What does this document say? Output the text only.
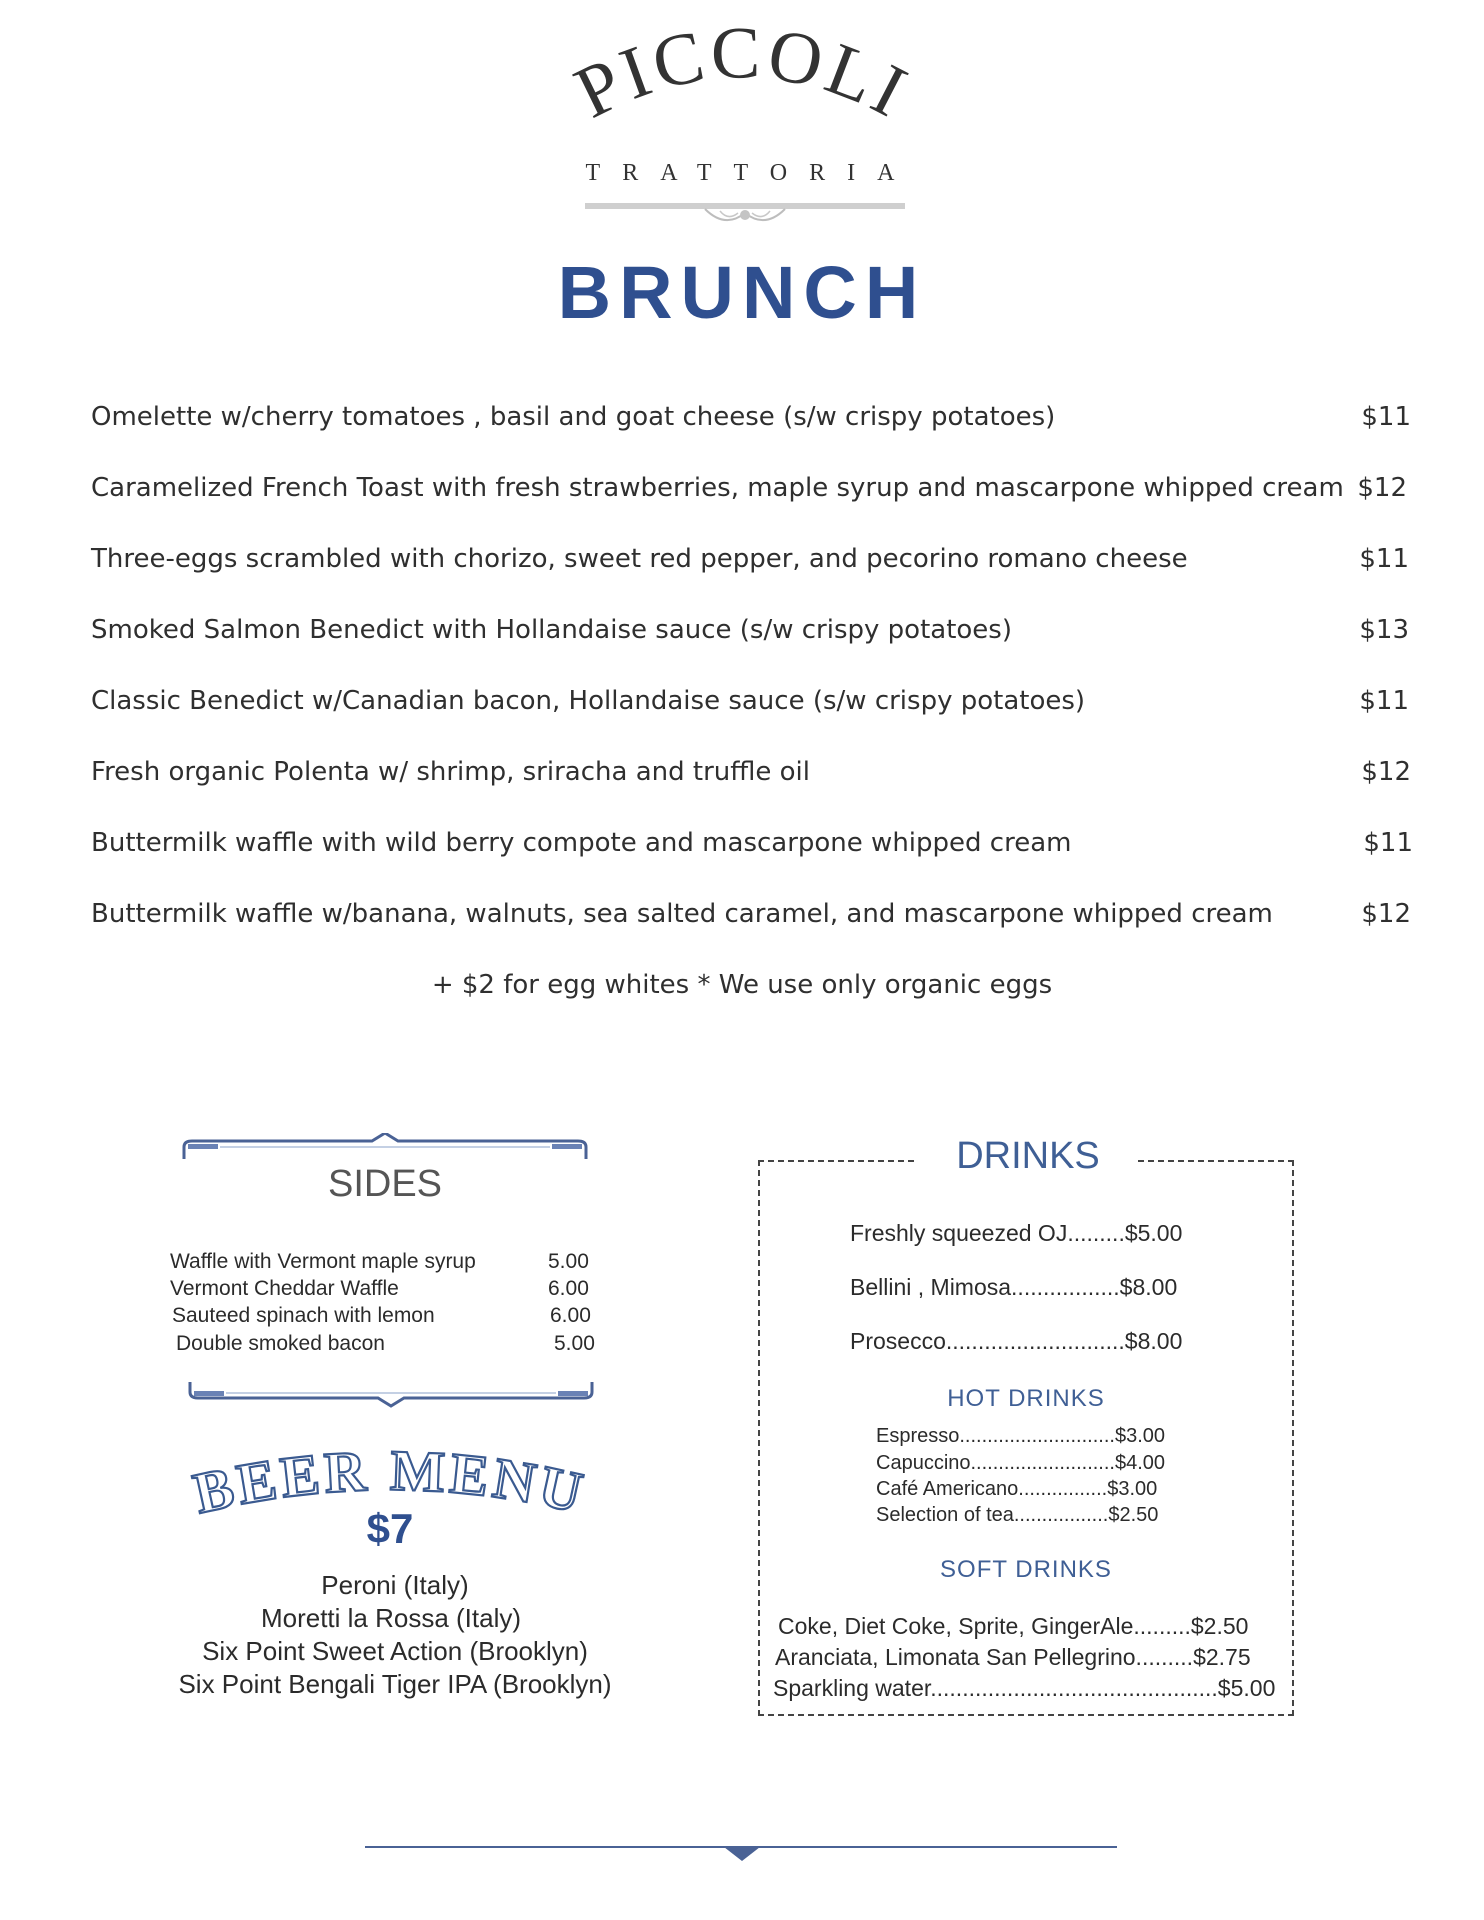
PICCOLI
TRATTORIA
BRUNCH
Omelette w/cherry tomatoes , basil and goat cheese (s/w crispy potatoes)	$11
Caramelized French Toast with fresh strawberries, maple syrup and mascarpone whipped cream $12
Three-eggs scrambled with chorizo, sweet red pepper, and pecorino romano cheese	$11
Smoked Salmon Benedict with Hollandaise sauce (s/w crispy potatoes)	$13
Classic Benedict w/Canadian bacon, Hollandaise sauce (s/w crispy potatoes)	$11
Fresh organic Polenta w/ shrimp, sriracha and truffle oil	$12
Buttermilk waffle with wild berry compote and mascarpone whipped cream	$11
Buttermilk waffle w/banana, walnuts, sea salted caramel, and mascarpone whipped cream	$12
+ $2 for egg whites * We use only organic eggs
SIDES
Waffle with Vermont maple syrup	5.00
Vermont Cheddar Waffle	6.00
Sauteed spinach with lemon	6.00
Double smoked bacon	5.00
BEER MENU
$7
Peroni (Italy)
Moretti la Rossa (Italy)
Six Point Sweet Action (Brooklyn)
Six Point Bengali Tiger IPA (Brooklyn)
DRINKS
Freshly squeezed OJ.........$5.00
Bellini , Mimosa.................$8.00
Prosecco............................$8.00
HOT DRINKS
Espresso............................$3.00
Capuccino..........................$4.00
Café Americano................$3.00
Selection of tea.................$2.50
SOFT DRINKS
Coke, Diet Coke, Sprite, GingerAle.........$2.50
Aranciata, Limonata San Pellegrino.........$2.75
Sparkling water.............................................$5.00
